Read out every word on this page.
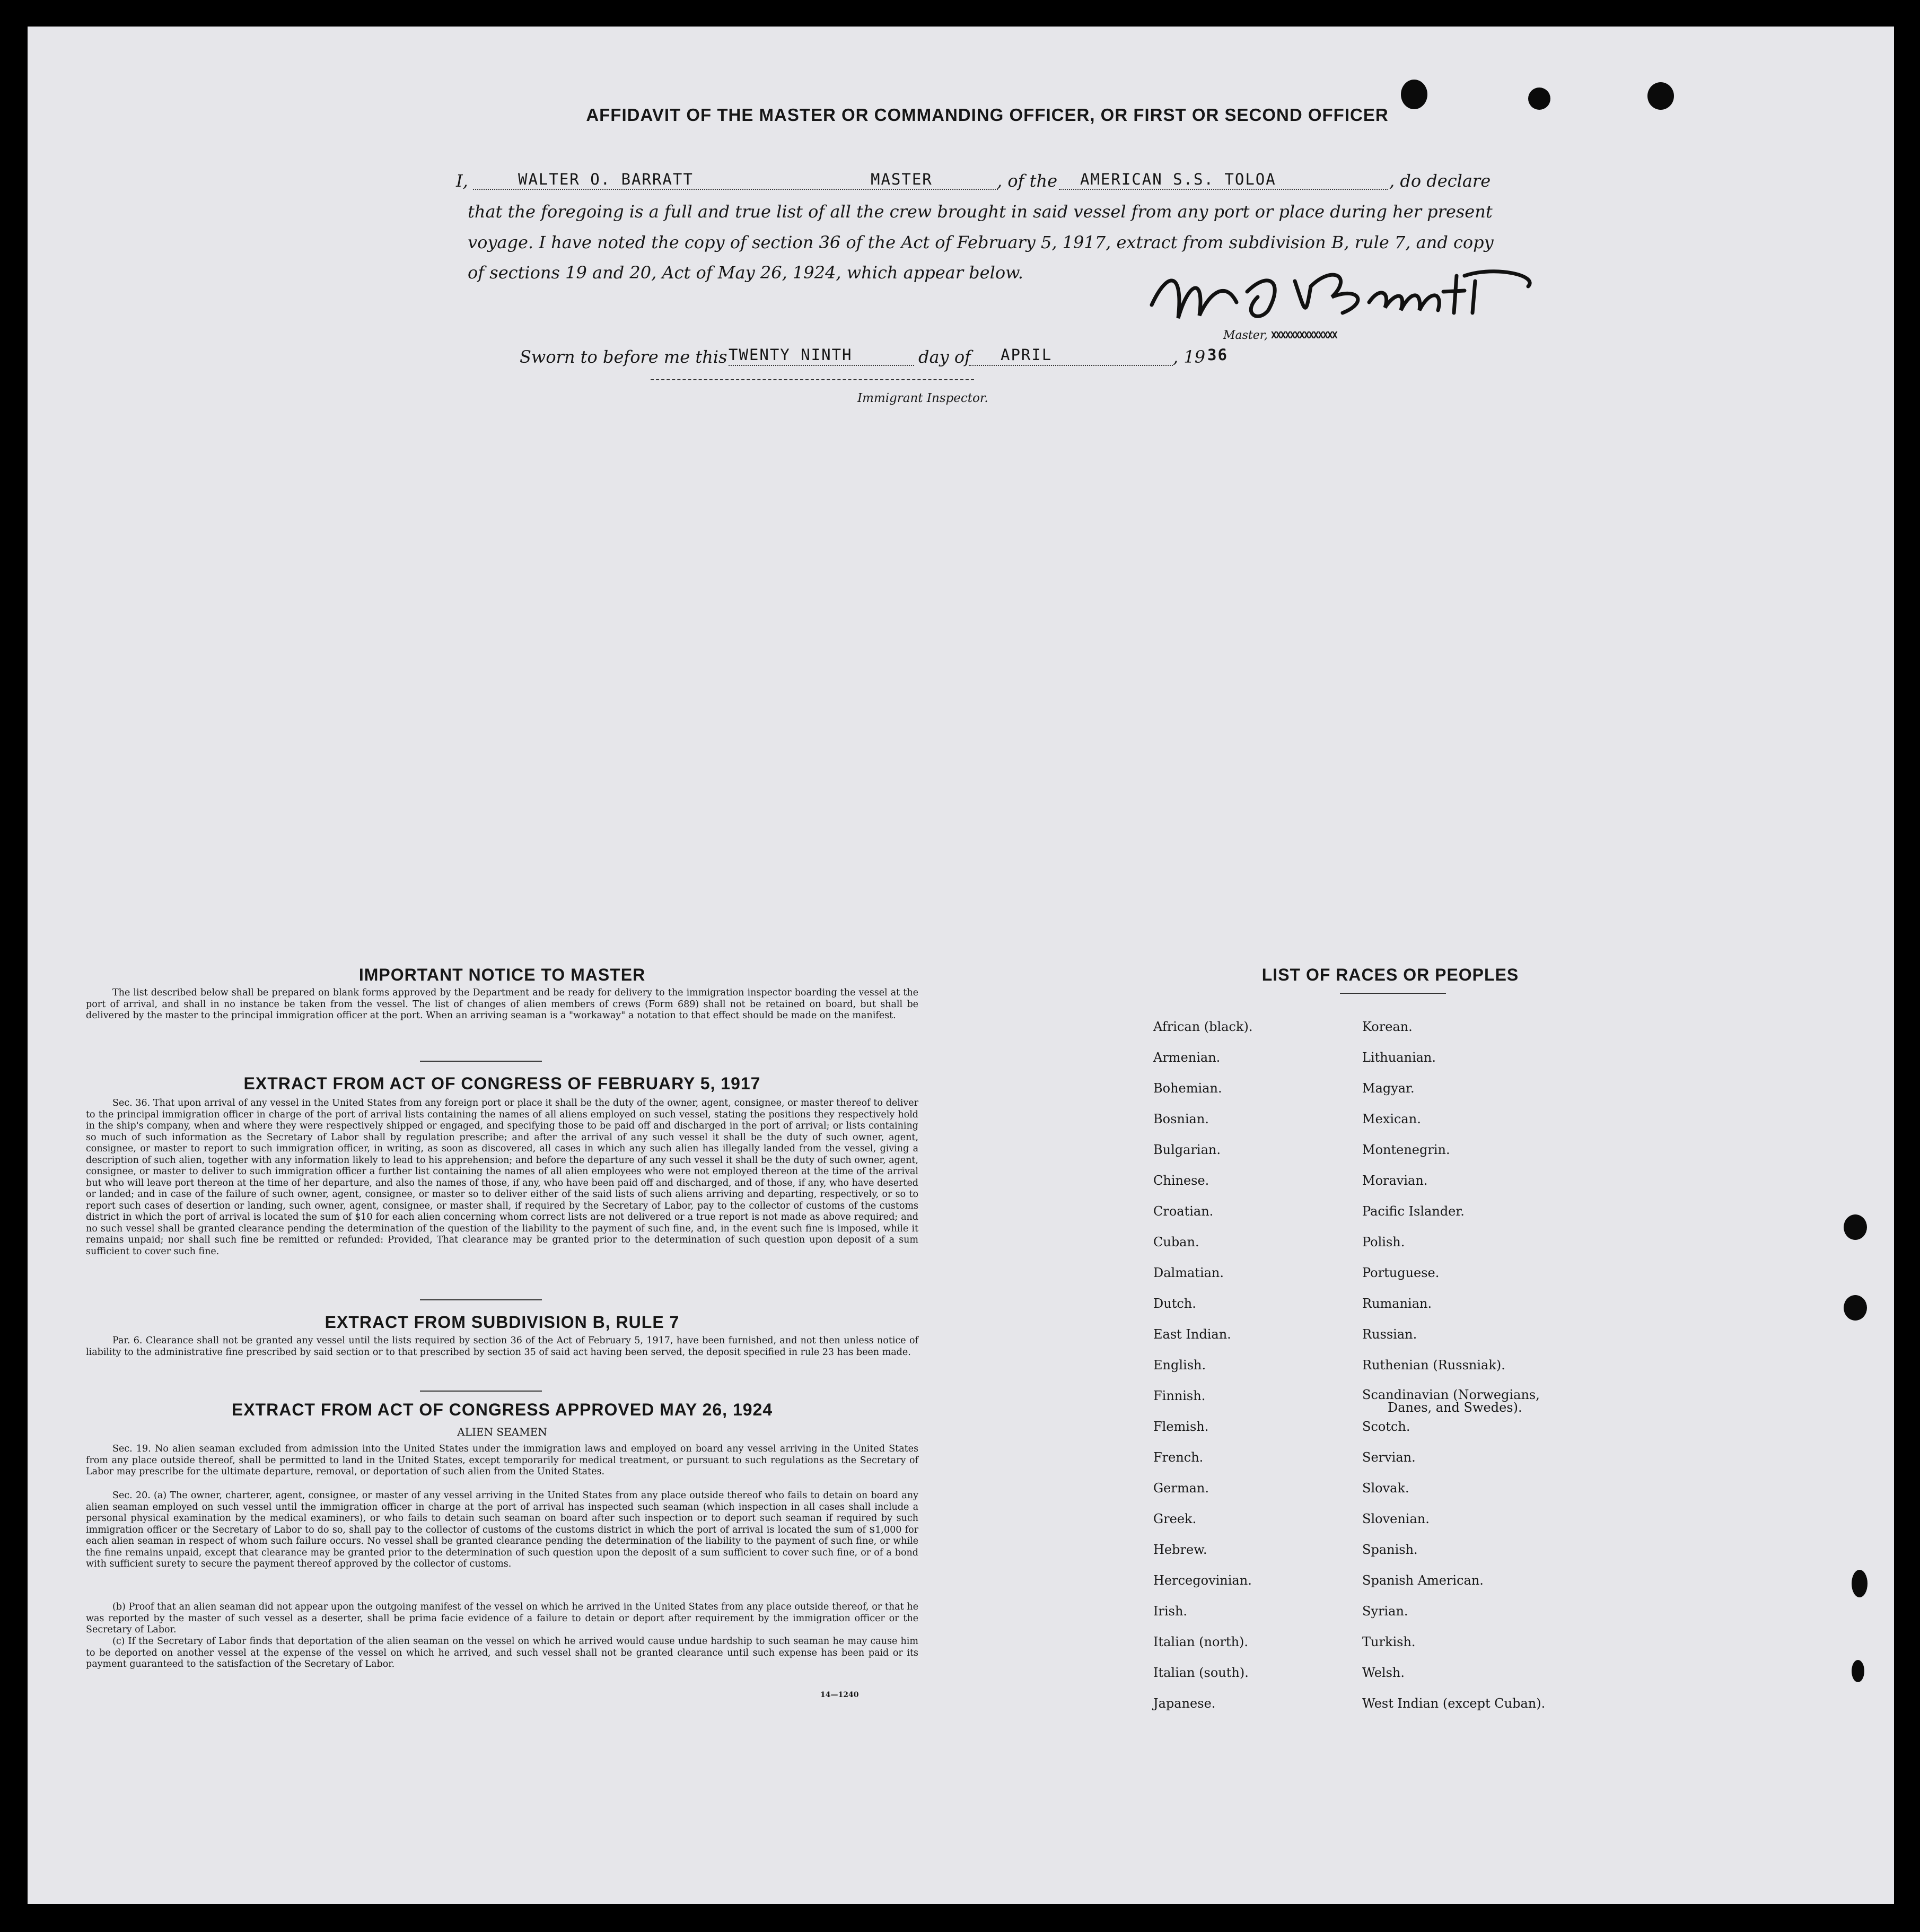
AFFIDAVIT OF THE MASTER OR COMMANDING OFFICER, OR FIRST OR SECOND OFFICER
I,	WALTER O. BARRATT	MASTER	, of the AMERICAN S.S. TOLOA	, do declare
that the foregoing is a full and true list of all the crew brought in said vessel from any port or place during her present
voyage. I have noted the copy of section 36 of the Act of February 5, 1917, extract from subdivision B, rule 7, and copy
of sections 19 and 20, Act of May 26, 1924, which appear below.
Master, XXXXXXXXXXXXXX
Sworn to before me this TWENTY NINTH	day of APRIL	, 19 36
Immigrant Inspector.
IMPORTANT NOTICE TO MASTER
The list described below shall be prepared on blank forms approved by the Department and be ready for delivery to the immigration inspector boarding the vessel at the port of arrival, and shall in no instance be taken from the vessel. The list of changes of alien members of crews (Form 689) shall not be retained on board, but shall be delivered by the master to the principal immigration officer at the port. When an arriving seaman is a "workaway" a notation to that effect should be made on the manifest.
EXTRACT FROM ACT OF CONGRESS OF FEBRUARY 5, 1917
Sec. 36. That upon arrival of any vessel in the United States from any foreign port or place it shall be the duty of the owner, agent, consignee, or master thereof to deliver to the principal immigration officer in charge of the port of arrival lists containing the names of all aliens employed on such vessel, stating the positions they respectively hold in the ship's company, when and where they were respectively shipped or engaged, and specifying those to be paid off and discharged in the port of arrival; or lists containing so much of such information as the Secretary of Labor shall by regulation prescribe; and after the arrival of any such vessel it shall be the duty of such owner, agent, consignee, or master to report to such immigration officer, in writing, as soon as discovered, all cases in which any such alien has illegally landed from the vessel, giving a description of such alien, together with any information likely to lead to his apprehension; and before the departure of any such vessel it shall be the duty of such owner, agent, consignee, or master to deliver to such immigration officer a further list containing the names of all alien employees who were not employed thereon at the time of the arrival but who will leave port thereon at the time of her departure, and also the names of those, if any, who have been paid off and discharged, and of those, if any, who have deserted or landed; and in case of the failure of such owner, agent, consignee, or master so to deliver either of the said lists of such aliens arriving and departing, respectively, or so to report such cases of desertion or landing, such owner, agent, consignee, or master shall, if required by the Secretary of Labor, pay to the collector of customs of the customs district in which the port of arrival is located the sum of $10 for each alien concerning whom correct lists are not delivered or a true report is not made as above required; and no such vessel shall be granted clearance pending the determination of the question of the liability to the payment of such fine, and, in the event such fine is imposed, while it remains unpaid; nor shall such fine be remitted or refunded: Provided, That clearance may be granted prior to the determination of such question upon deposit of a sum sufficient to cover such fine.
EXTRACT FROM SUBDIVISION B, RULE 7
Par. 6. Clearance shall not be granted any vessel until the lists required by section 36 of the Act of February 5, 1917, have been furnished, and not then unless notice of liability to the administrative fine prescribed by said section or to that prescribed by section 35 of said act having been served, the deposit specified in rule 23 has been made.
EXTRACT FROM ACT OF CONGRESS APPROVED MAY 26, 1924
ALIEN SEAMEN
Sec. 19. No alien seaman excluded from admission into the United States under the immigration laws and employed on board any vessel arriving in the United States from any place outside thereof, shall be permitted to land in the United States, except temporarily for medical treatment, or pursuant to such regulations as the Secretary of Labor may prescribe for the ultimate departure, removal, or deportation of such alien from the United States.
Sec. 20. (a) The owner, charterer, agent, consignee, or master of any vessel arriving in the United States from any place outside thereof who fails to detain on board any alien seaman employed on such vessel until the immigration officer in charge at the port of arrival has inspected such seaman (which inspection in all cases shall include a personal physical examination by the medical examiners), or who fails to detain such seaman on board after such inspection or to deport such seaman if required by such immigration officer or the Secretary of Labor to do so, shall pay to the collector of customs of the customs district in which the port of arrival is located the sum of $1,000 for each alien seaman in respect of whom such failure occurs. No vessel shall be granted clearance pending the determination of the liability to the payment of such fine, or while the fine remains unpaid, except that clearance may be granted prior to the determination of such question upon the deposit of a sum sufficient to cover such fine, or of a bond with sufficient surety to secure the payment thereof approved by the collector of customs.
(b) Proof that an alien seaman did not appear upon the outgoing manifest of the vessel on which he arrived in the United States from any place outside thereof, or that he was reported by the master of such vessel as a deserter, shall be prima facie evidence of a failure to detain or deport after requirement by the immigration officer or the Secretary of Labor.
(c) If the Secretary of Labor finds that deportation of the alien seaman on the vessel on which he arrived would cause undue hardship to such seaman he may cause him to be deported on another vessel at the expense of the vessel on which he arrived, and such vessel shall not be granted clearance until such expense has been paid or its payment guaranteed to the satisfaction of the Secretary of Labor.
14—1240
LIST OF RACES OR PEOPLES
African (black).
Armenian.
Bohemian.
Bosnian.
Bulgarian.
Chinese.
Croatian.
Cuban.
Dalmatian.
Dutch.
East Indian.
English.
Finnish.
Flemish.
French.
German.
Greek.
Hebrew.
Hercegovinian.
Irish.
Italian (north).
Italian (south).
Japanese.
Korean.
Lithuanian.
Magyar.
Mexican.
Montenegrin.
Moravian.
Pacific Islander.
Polish.
Portuguese.
Rumanian.
Russian.
Ruthenian (Russniak).
Scandinavian (Norwegians,
Danes, and Swedes).
Scotch.
Servian.
Slovak.
Slovenian.
Spanish.
Spanish American.
Syrian.
Turkish.
Welsh.
West Indian (except Cuban).
